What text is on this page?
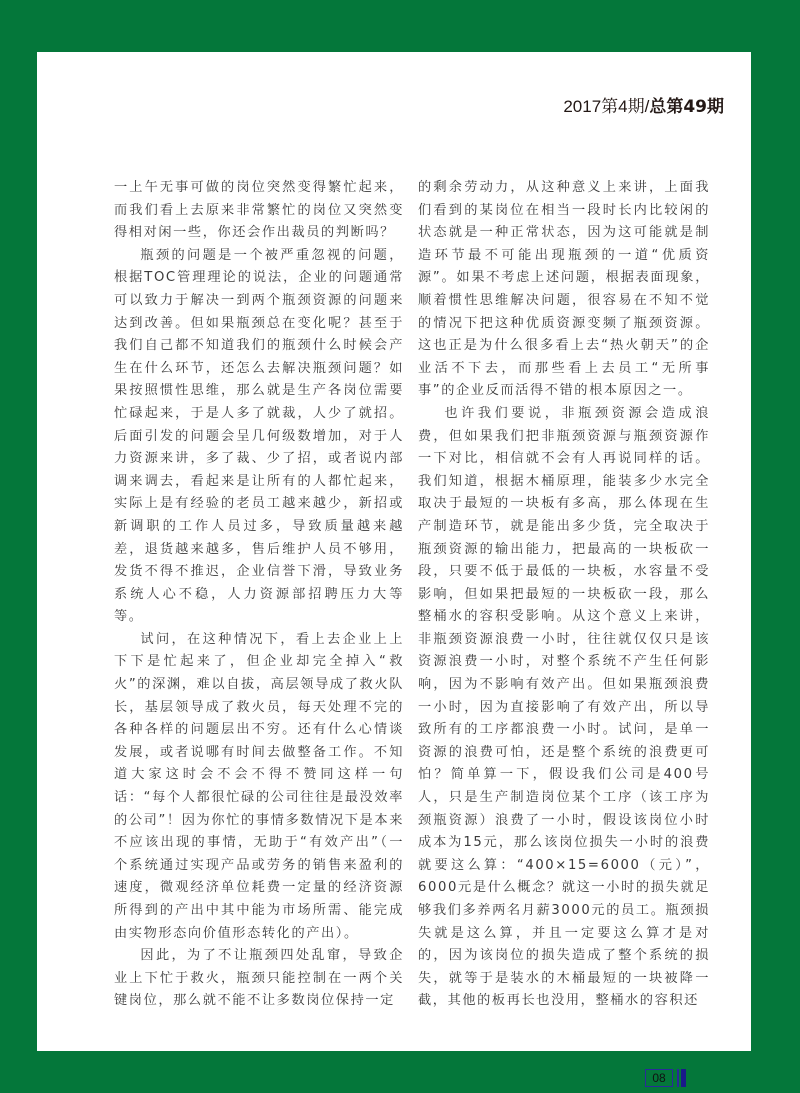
2017第4期/总第49期

一上午无事可做的岗位突然变得繁忙起来，而我们看上去原来非常繁忙的岗位又突然变得相对闲一些，你还会作出裁员的判断吗？

瓶颈的问题是一个被严重忽视的问题，根据TOC管理理论的说法，企业的问题通常可以致力于解决一到两个瓶颈资源的问题来达到改善。但如果瓶颈总在变化呢？甚至于我们自己都不知道我们的瓶颈什么时候会产生在什么环节，还怎么去解决瓶颈问题？如果按照惯性思维，那么就是生产各岗位需要忙碌起来，于是人多了就裁，人少了就招。后面引发的问题会呈几何级数增加，对于人力资源来讲，多了裁、少了招，或者说内部调来调去，看起来是让所有的人都忙起来，实际上是有经验的老员工越来越少，新招或新调职的工作人员过多，导致质量越来越差，退货越来越多，售后维护人员不够用，发货不得不推迟，企业信誉下滑，导致业务系统人心不稳，人力资源部招聘压力大等等。

试问，在这种情况下，看上去企业上上下下是忙起来了，但企业却完全掉入“救火”的深渊，难以自拔，高层领导成了救火队长，基层领导成了救火员，每天处理不完的各种各样的问题层出不穷。还有什么心情谈发展，或者说哪有时间去做整备工作。不知道大家这时会不会不得不赞同这样一句话：“每个人都很忙碌的公司往往是最没效率的公司”！因为你忙的事情多数情况下是本来不应该出现的事情，无助于“有效产出”（一个系统通过实现产品或劳务的销售来盈利的速度，微观经济单位耗费一定量的经济资源所得到的产出中其中能为市场所需、能完成由实物形态向价值形态转化的产出）。

因此，为了不让瓶颈四处乱窜，导致企业上下忙于救火，瓶颈只能控制在一两个关键岗位，那么就不能不让多数岗位保持一定

的剩余劳动力，从这种意义上来讲，上面我们看到的某岗位在相当一段时长内比较闲的状态就是一种正常状态，因为这可能就是制造环节最不可能出现瓶颈的一道“优质资源”。如果不考虑上述问题，根据表面现象，顺着惯性思维解决问题，很容易在不知不觉的情况下把这种优质资源变频了瓶颈资源。这也正是为什么很多看上去“热火朝天”的企业活不下去，而那些看上去员工“无所事事”的企业反而活得不错的根本原因之一。

也许我们要说，非瓶颈资源会造成浪费，但如果我们把非瓶颈资源与瓶颈资源作一下对比，相信就不会有人再说同样的话。我们知道，根据木桶原理，能装多少水完全取决于最短的一块板有多高，那么体现在生产制造环节，就是能出多少货，完全取决于瓶颈资源的输出能力，把最高的一块板砍一段，只要不低于最低的一块板，水容量不受影响，但如果把最短的一块板砍一段，那么整桶水的容积受影响。从这个意义上来讲，非瓶颈资源浪费一小时，往往就仅仅只是该资源浪费一小时，对整个系统不产生任何影响，因为不影响有效产出。但如果瓶颈浪费一小时，因为直接影响了有效产出，所以导致所有的工序都浪费一小时。试问，是单一资源的浪费可怕，还是整个系统的浪费更可怕？简单算一下，假设我们公司是400号人，只是生产制造岗位某个工序（该工序为颈瓶资源）浪费了一小时，假设该岗位小时成本为15元，那么该岗位损失一小时的浪费就要这么算：“400×15=6000（元）”，6000元是什么概念？就这一小时的损失就足够我们多养两名月薪3000元的员工。瓶颈损失就是这么算，并且一定要这么算才是对的，因为该岗位的损失造成了整个系统的损失，就等于是装水的木桶最短的一块被降一截，其他的板再长也没用，整桶水的容积还

08
